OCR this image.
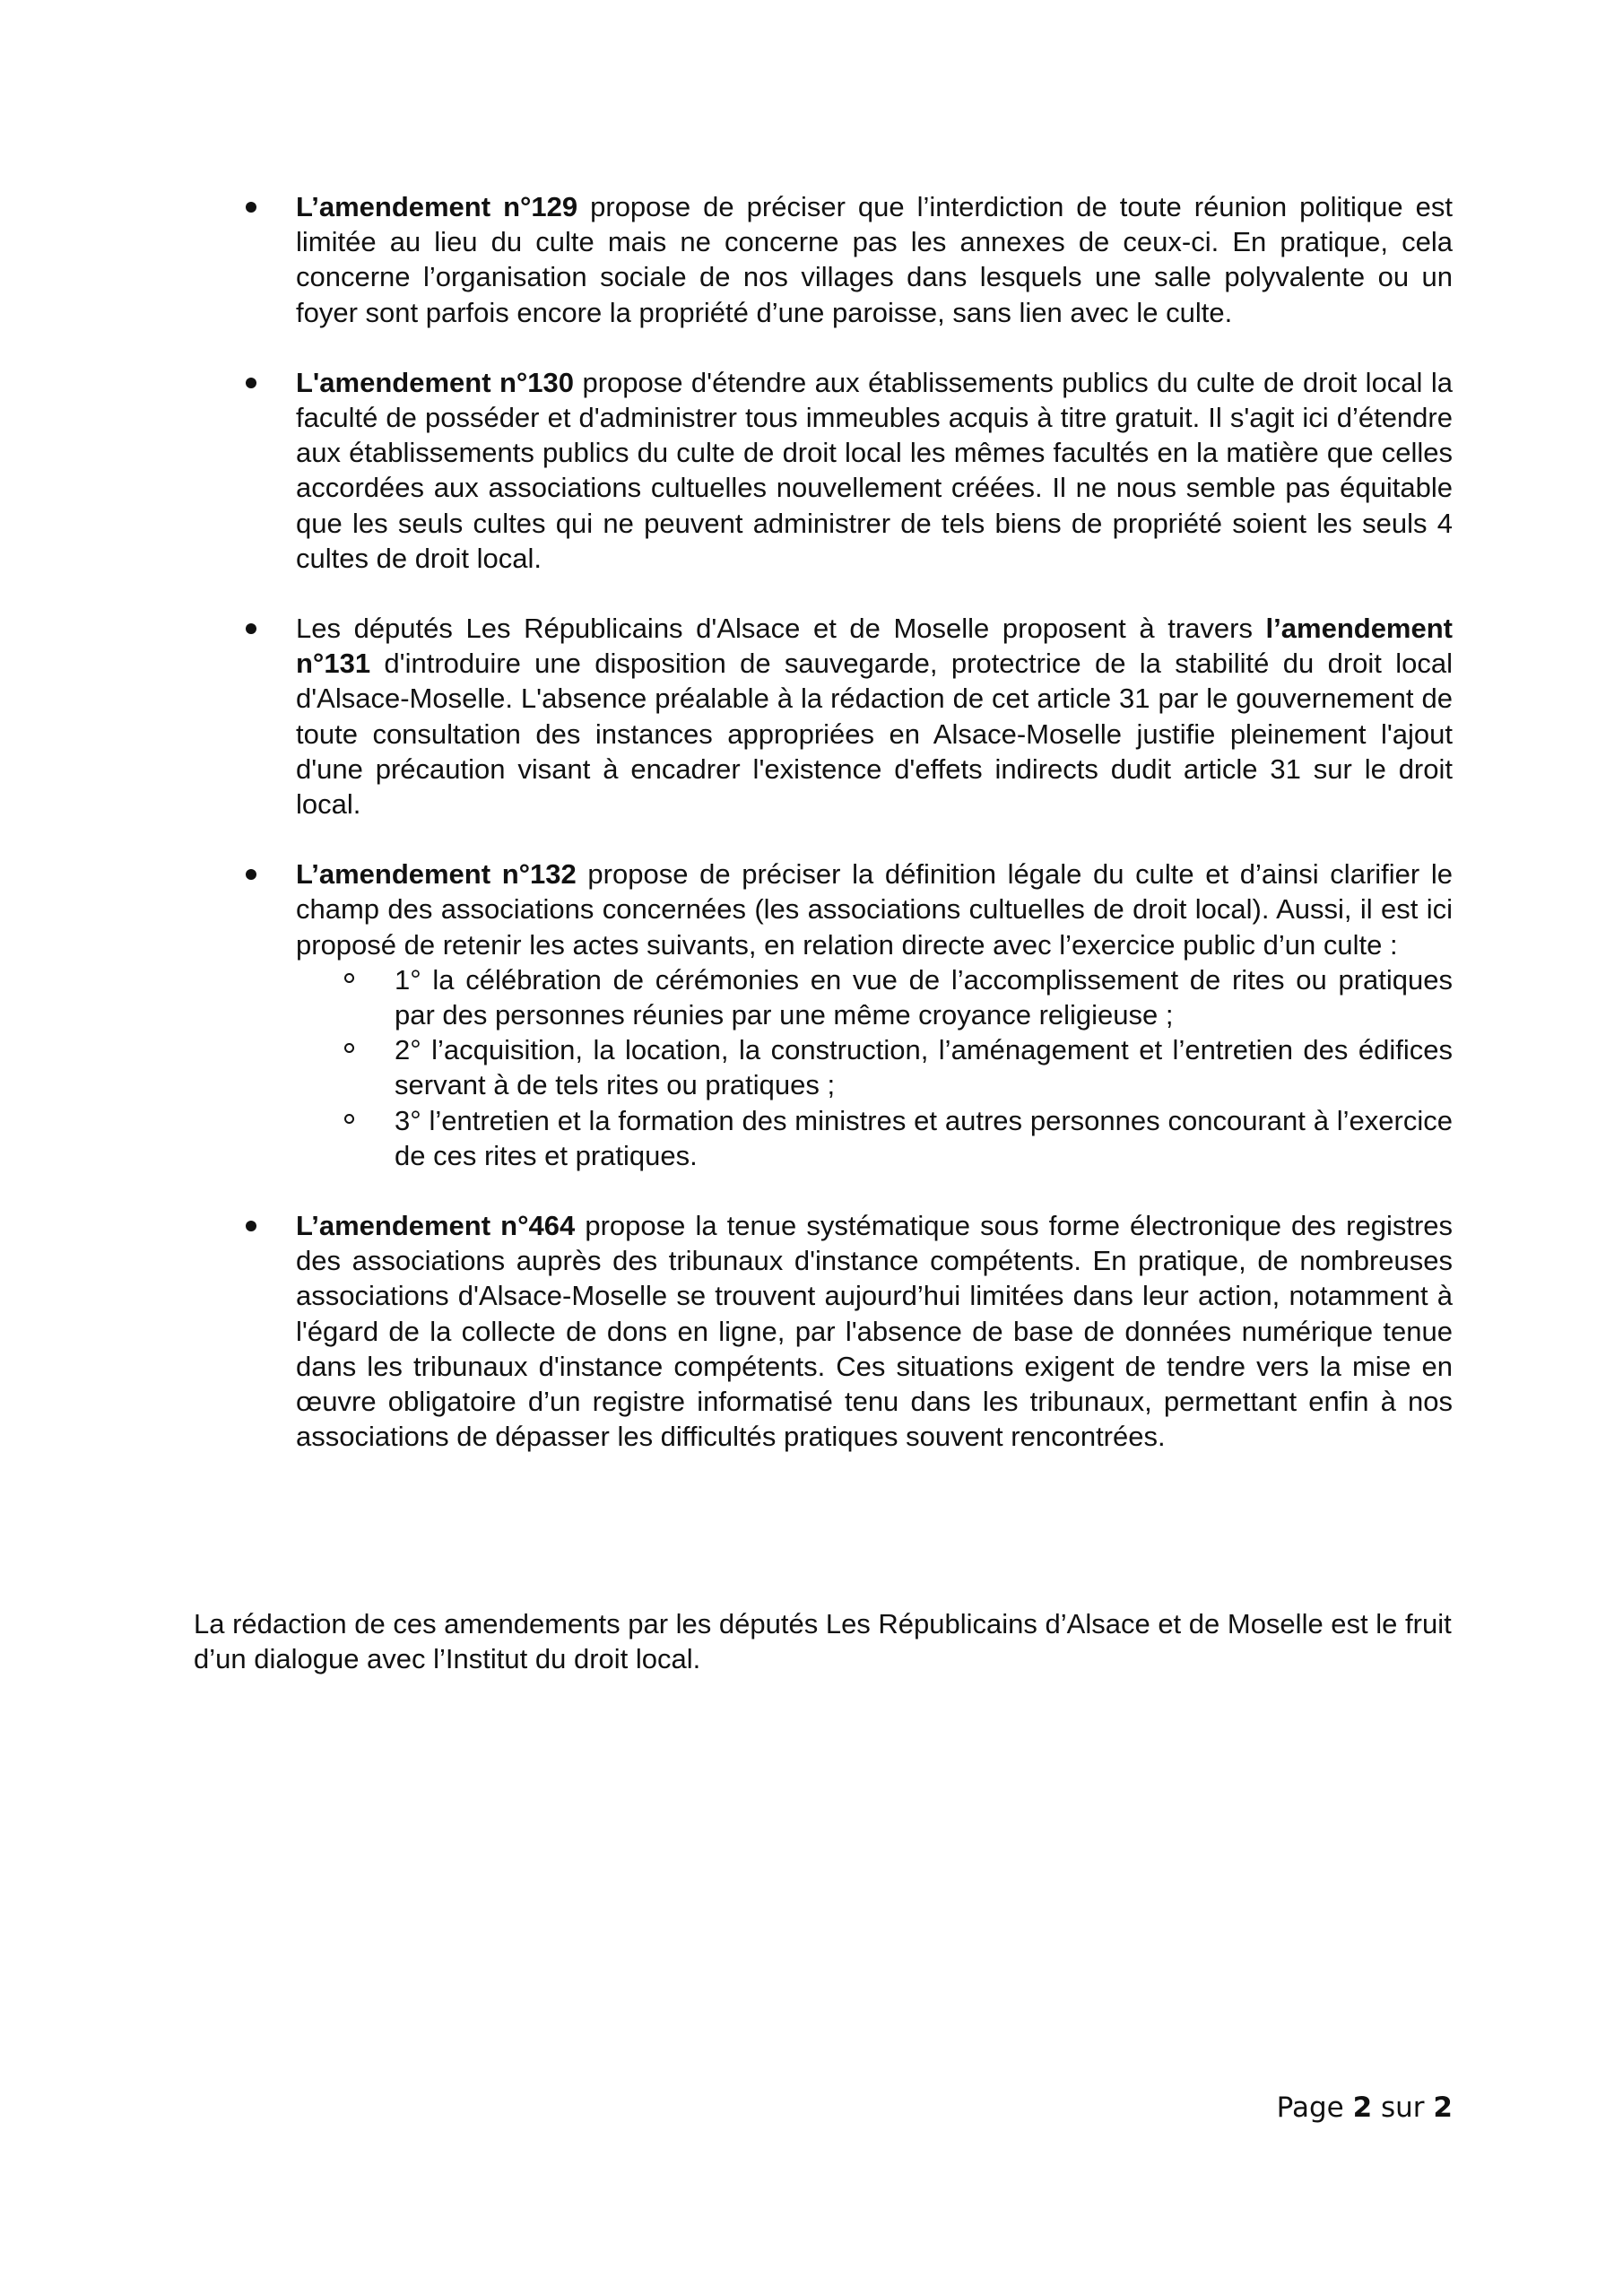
L’amendement n°129 propose de préciser que l’interdiction de toute réunion politique est limitée au lieu du culte mais ne concerne pas les annexes de ceux-ci. En pratique, cela concerne l’organisation sociale de nos villages dans lesquels une salle polyvalente ou un foyer sont parfois encore la propriété d’une paroisse, sans lien avec le culte.
L'amendement n°130 propose d'étendre aux établissements publics du culte de droit local la faculté de posséder et d'administrer tous immeubles acquis à titre gratuit. Il s'agit ici d’étendre aux établissements publics du culte de droit local les mêmes facultés en la matière que celles accordées aux associations cultuelles nouvellement créées. Il ne nous semble pas équitable que les seuls cultes qui ne peuvent administrer de tels biens de propriété soient les seuls 4 cultes de droit local.
Les députés Les Républicains d'Alsace et de Moselle proposent à travers l’amendement n°131 d'introduire une disposition de sauvegarde, protectrice de la stabilité du droit local d'Alsace-Moselle. L'absence préalable à la rédaction de cet article 31 par le gouvernement de toute consultation des instances appropriées en Alsace-Moselle justifie pleinement l'ajout d'une précaution visant à encadrer l'existence d'effets indirects dudit article 31 sur le droit local.
L’amendement n°132 propose de préciser la définition légale du culte et d’ainsi clarifier le champ des associations concernées (les associations cultuelles de droit local). Aussi, il est ici proposé de retenir les actes suivants, en relation directe avec l’exercice public d’un culte :
1° la célébration de cérémonies en vue de l’accomplissement de rites ou pratiques par des personnes réunies par une même croyance religieuse ;
2° l’acquisition, la location, la construction, l’aménagement et l’entretien des édifices servant à de tels rites ou pratiques ;
3° l’entretien et la formation des ministres et autres personnes concourant à l’exercice de ces rites et pratiques.
L’amendement n°464 propose la tenue systématique sous forme électronique des registres des associations auprès des tribunaux d'instance compétents. En pratique, de nombreuses associations d'Alsace-Moselle se trouvent aujourd’hui limitées dans leur action, notamment à l'égard de la collecte de dons en ligne, par l'absence de base de données numérique tenue dans les tribunaux d'instance compétents. Ces situations exigent de tendre vers la mise en œuvre obligatoire d’un registre informatisé tenu dans les tribunaux, permettant enfin à nos associations de dépasser les difficultés pratiques souvent rencontrées.

La rédaction de ces amendements par les députés Les Républicains d’Alsace et de Moselle est le fruit d’un dialogue avec l’Institut du droit local.

Page 2 sur 2
